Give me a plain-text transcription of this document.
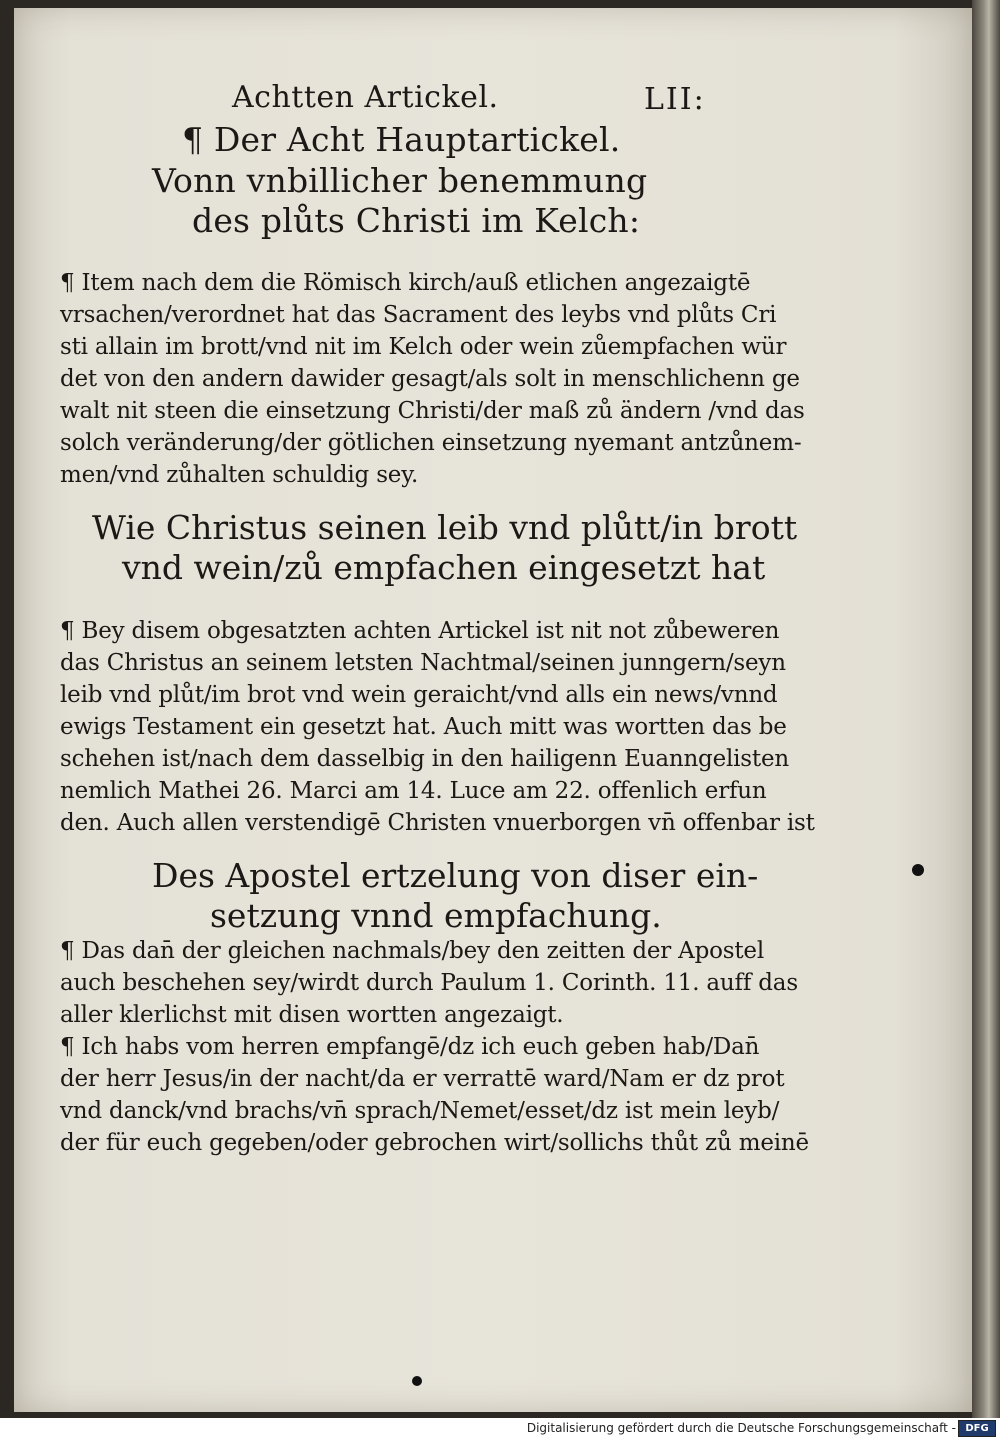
Achtten Artickel.	LII:
¶ Der Acht Hauptartickel.
Vonn vnbillicher benemmung
des plůts Christi im Kelch:
¶ Item nach dem die Römisch kirch/auß etlichen angezaigtē
vrsachen/verordnet hat das Sacrament des leybs vnd plůts Cri
sti allain im brott/vnd nit im Kelch oder wein zůempfachen wür
det von den andern dawider gesagt/als solt in menschlichenn ge
walt nit steen die einsetzung Christi/der maß zů ändern /vnd das
solch veränderung/der götlichen einsetzung nyemant antzůnem-
men/vnd zůhalten schuldig sey.
Wie Christus seinen leib vnd plůtt/in brott
vnd wein/zů empfachen eingesetzt hat
¶ Bey disem obgesatzten achten Artickel ist nit not zůbeweren
das Christus an seinem letsten Nachtmal/seinen junngern/seyn
leib vnd plůt/im brot vnd wein geraicht/vnd alls ein news/vnnd
ewigs Testament ein gesetzt hat. Auch mitt was wortten das be
schehen ist/nach dem dasselbig in den hailigenn Euanngelisten
nemlich Mathei 26. Marci am 14. Luce am 22. offenlich erfun
den. Auch allen verstendigē Christen vnuerborgen vn̄ offenbar ist
Des Apostel ertzelung von diser ein-
setzung vnnd empfachung.
¶ Das dan̄ der gleichen nachmals/bey den zeitten der Apostel
auch beschehen sey/wirdt durch Paulum 1. Corinth. 11. auff das
aller klerlichst mit disen wortten angezaigt.
¶ Ich habs vom herren empfangē/dz ich euch geben hab/Dan̄
der herr Jesus/in der nacht/da er verrattē ward/Nam er dz prot
vnd danck/vnd brachs/vn̄ sprach/Nemet/esset/dz ist mein leyb/
der für euch gegeben/oder gebrochen wirt/sollichs thůt zů meinē
Digitalisierung gefördert durch die Deutsche Forschungsgemeinschaft - DFG
